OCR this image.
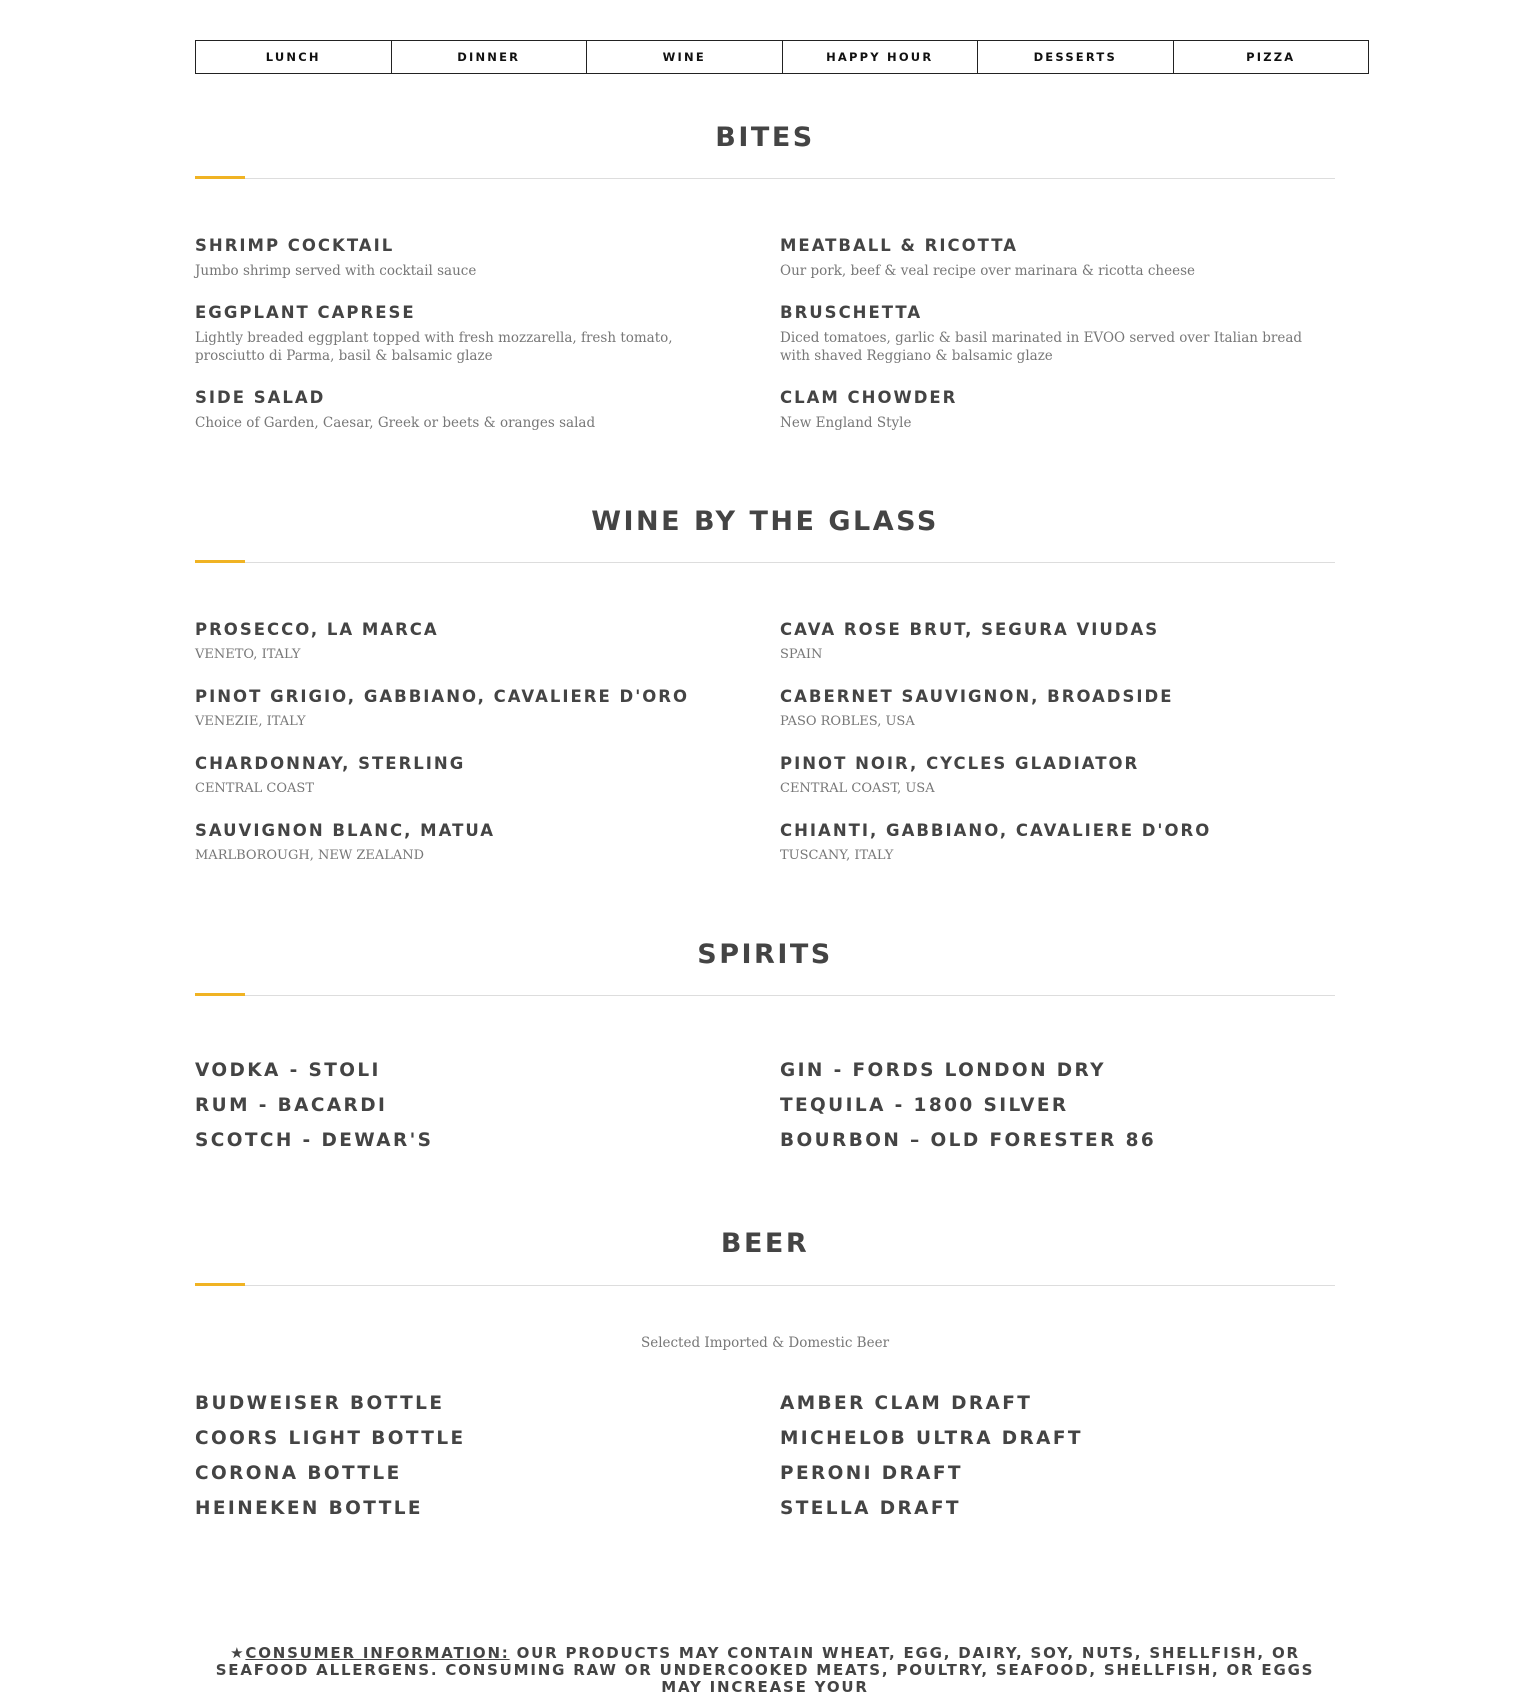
LUNCH	DINNER	WINE	HAPPY HOUR	DESSERTS	PIZZA
BITES
SHRIMP COCKTAIL
Jumbo shrimp served with cocktail sauce
EGGPLANT CAPRESE
Lightly breaded eggplant topped with fresh mozzarella, fresh tomato, prosciutto di Parma, basil & balsamic glaze
SIDE SALAD
Choice of Garden, Caesar, Greek or beets & oranges salad
MEATBALL & RICOTTA
Our pork, beef & veal recipe over marinara & ricotta cheese
BRUSCHETTA
Diced tomatoes, garlic & basil marinated in EVOO served over Italian bread with shaved Reggiano & balsamic glaze
CLAM CHOWDER
New England Style
WINE BY THE GLASS
PROSECCO, LA MARCA
VENETO, ITALY
PINOT GRIGIO, GABBIANO, CAVALIERE D'ORO
VENEZIE, ITALY
CHARDONNAY, STERLING
CENTRAL COAST
SAUVIGNON BLANC, MATUA
MARLBOROUGH, NEW ZEALAND
CAVA ROSE BRUT, SEGURA VIUDAS
SPAIN
CABERNET SAUVIGNON, BROADSIDE
PASO ROBLES, USA
PINOT NOIR, CYCLES GLADIATOR
CENTRAL COAST, USA
CHIANTI, GABBIANO, CAVALIERE D'ORO
TUSCANY, ITALY
SPIRITS
VODKA - STOLI	GIN - FORDS LONDON DRY
RUM - BACARDI	TEQUILA - 1800 SILVER
SCOTCH - DEWAR'S	BOURBON – OLD FORESTER 86
BEER
Selected Imported & Domestic Beer
BUDWEISER BOTTLE	AMBER CLAM DRAFT
COORS LIGHT BOTTLE	MICHELOB ULTRA DRAFT
CORONA BOTTLE	PERONI DRAFT
HEINEKEN BOTTLE	STELLA DRAFT
★CONSUMER INFORMATION: OUR PRODUCTS MAY CONTAIN WHEAT, EGG, DAIRY, SOY, NUTS, SHELLFISH, OR SEAFOOD ALLERGENS. CONSUMING RAW OR UNDERCOOKED MEATS, POULTRY, SEAFOOD, SHELLFISH, OR EGGS MAY INCREASE YOUR
